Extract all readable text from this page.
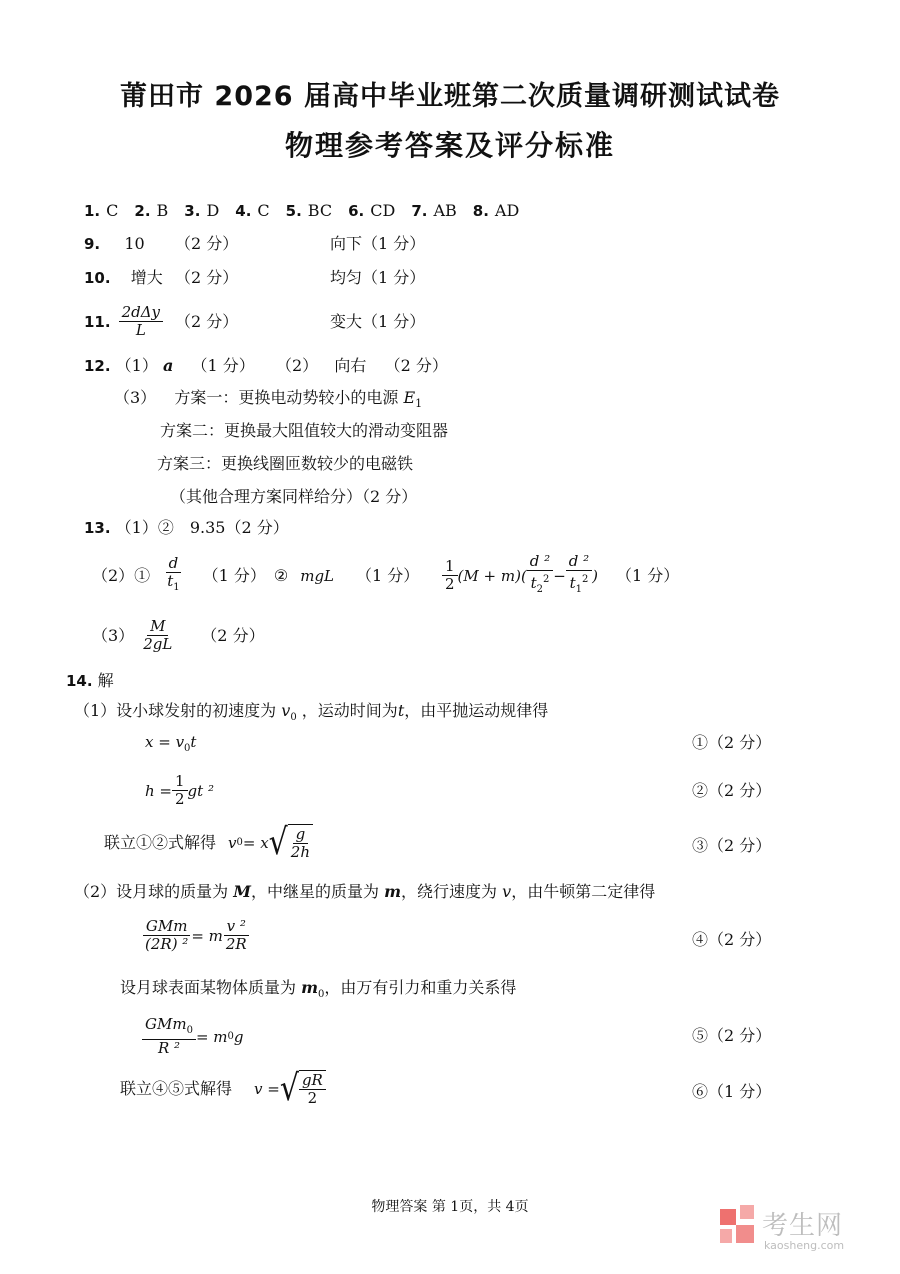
莆田市 2026 届高中毕业班第二次质量调研测试试卷
物理参考答案及评分标准
1. C 2. B 3. D 4. C 5. BC 6. CD 7. AB 8. AD
9. 10 （2 分）	向下（1 分）
10. 增大 （2 分）	均匀（1 分）
11. $\frac{\text{2dΔy}}{L} (2$ 分）	变大（1 分）
12. （1） a （1 分） （2） 向右 （2 分）
（3） 方案一：更换电动势较小的电源 $E_1$
方案二：更换最大阻值较大的滑动变阻器
方案三：更换线圈匝数较少的电磁铁
（其他合理方案同样给分）（2 分）
13. （1）②　9.35（2 分）
（2）① $\frac{d}{t_1} (1$ 分） ② mgL （1 分） $\frac{1}{2} (M + m)( \frac{\text{d ²}}{t_2^2} - \frac{\text{d ²}}{t_1^2}$ ) （1 分）
$(3) \frac{M}{2gL} (2$ 分）
14. 解
（1）设小球发射的初速度为 $v_0$ ，运动时间为t，由平抛运动规律得
$x = v_0t$	①（2 分）
$h = \frac{1}{2}$ gt ²	②（2 分）
联立①②式解得 v 0 = x √ $\frac{g}{2h}$	③（2 分）
（2）设月球的质量为 M，中继星的质量为 m，绕行速度为 v，由牛顿第二定律得
$\frac{\text{GMm}}{\text{(2R) ²}} = m \frac{\text{v ²}}{2R}$	④（2 分）
设月球表面某物体质量为 $m_0$，由万有引力和重力关系得
$\frac{GMm_0}{\text{R ²}} = m$ 0 g	⑤（2 分）
联立④⑤式解得 v = √ $\frac{gR}{2}$	⑥（1 分）
物理答案 第 1页，共 4页
考生网
kaosheng.com
